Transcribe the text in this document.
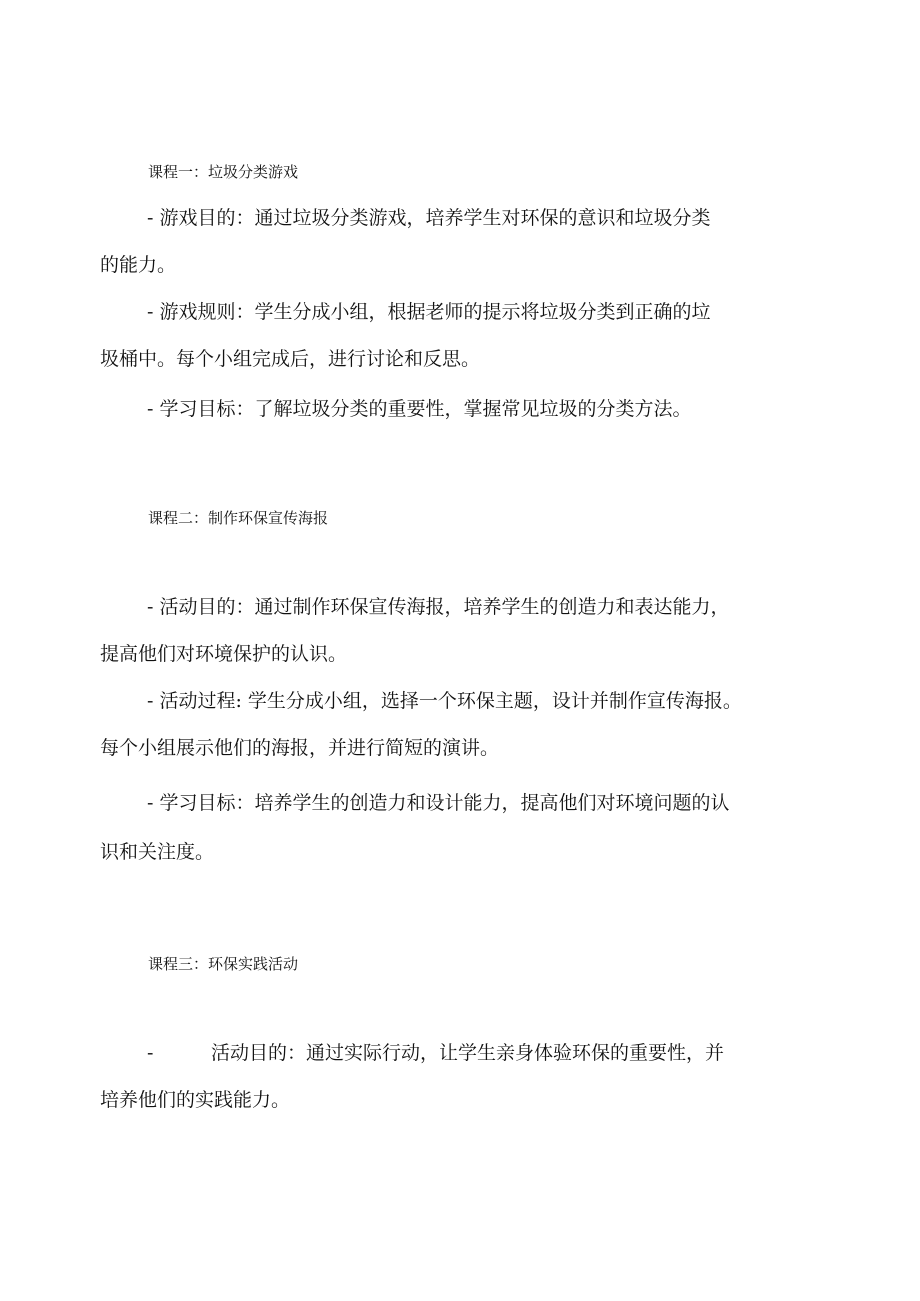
课程一：垃圾分类游戏
- 游戏目的：通过垃圾分类游戏，培养学生对环保的意识和垃圾分类
的能力。
- 游戏规则：学生分成小组，根据老师的提示将垃圾分类到正确的垃
圾桶中。每个小组完成后，进行讨论和反思。
- 学习目标：了解垃圾分类的重要性，掌握常见垃圾的分类方法。
课程二：制作环保宣传海报
- 活动目的：通过制作环保宣传海报，培养学生的创造力和表达能力，
提高他们对环境保护的认识。
- 活动过程: 学生分成小组，选择一个环保主题，设计并制作宣传海报。
每个小组展示他们的海报，并进行简短的演讲。
- 学习目标：培养学生的创造力和设计能力，提高他们对环境问题的认
识和关注度。
课程三：环保实践活动
-	活动目的：通过实际行动，让学生亲身体验环保的重要性，并
培养他们的实践能力。
